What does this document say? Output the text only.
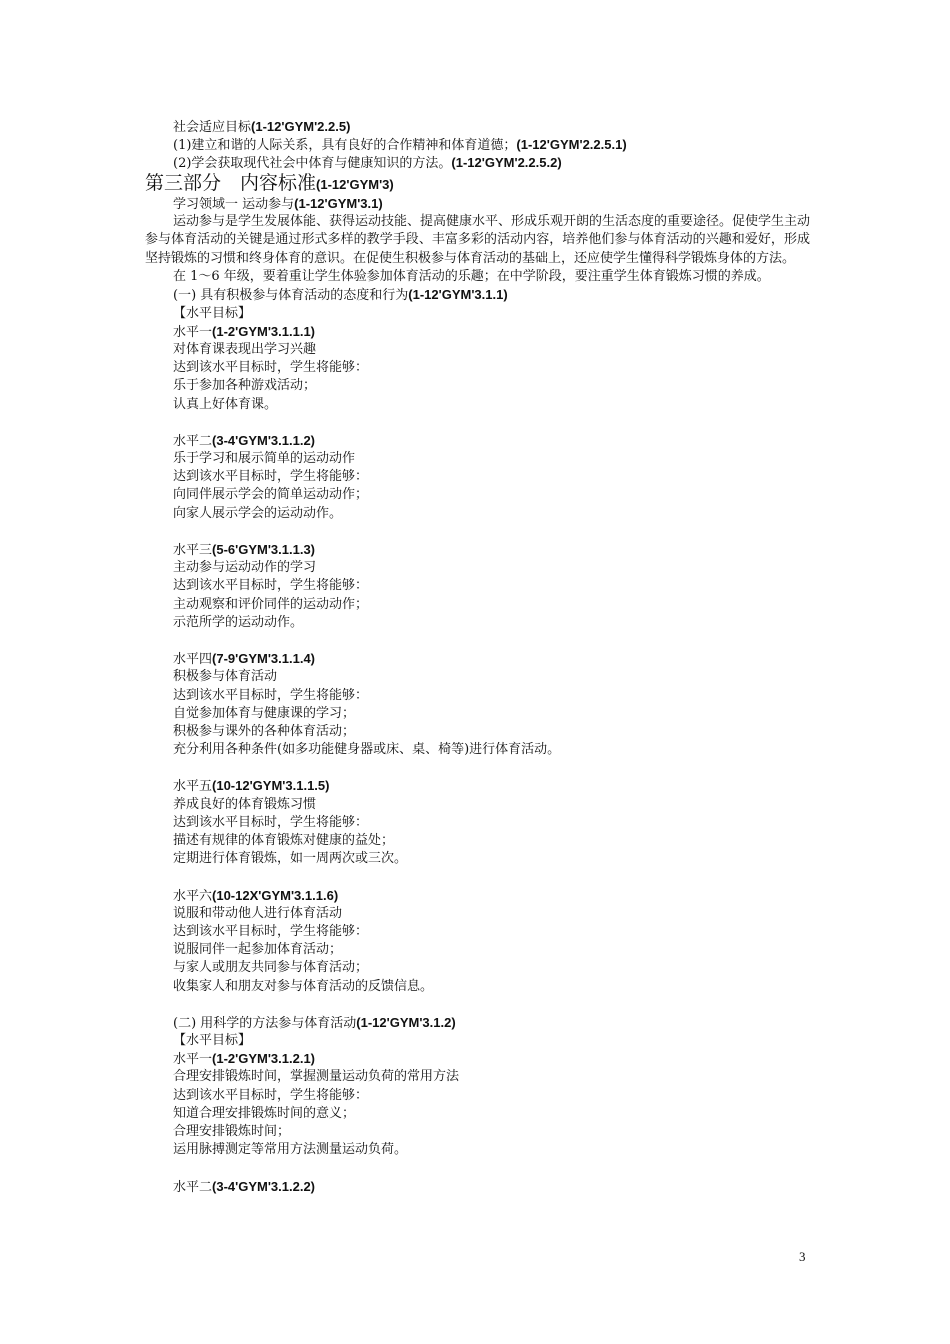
社会适应目标(1-12'GYM'2.2.5)
(1)建立和谐的人际关系，具有良好的合作精神和体育道德；(1-12'GYM'2.2.5.1)
(2)学会获取现代社会中体育与健康知识的方法。(1-12'GYM'2.2.5.2)
第三部分　内容标准(1-12'GYM'3)
学习领域一 运动参与(1-12'GYM'3.1)
运动参与是学生发展体能、获得运动技能、提高健康水平、形成乐观开朗的生活态度的重要途径。促使学生主动参与体育活动的关键是通过形式多样的教学手段、丰富多彩的活动内容，培养他们参与体育活动的兴趣和爱好，形成坚持锻炼的习惯和终身体育的意识。在促使生积极参与体育活动的基础上，还应使学生懂得科学锻炼身体的方法。
在 1～6 年级，要着重让学生体验参加体育活动的乐趣；在中学阶段，要注重学生体育锻炼习惯的养成。
(一) 具有积极参与体育活动的态度和行为(1-12'GYM'3.1.1)
【水平目标】
水平一(1-2'GYM'3.1.1.1)
对体育课表现出学习兴趣
达到该水平目标时，学生将能够：
乐于参加各种游戏活动；
认真上好体育课。
水平二(3-4'GYM'3.1.1.2)
乐于学习和展示简单的运动动作
达到该水平目标时，学生将能够：
向同伴展示学会的简单运动动作；
向家人展示学会的运动动作。
水平三(5-6'GYM'3.1.1.3)
主动参与运动动作的学习
达到该水平目标时，学生将能够：
主动观察和评价同伴的运动动作；
示范所学的运动动作。
水平四(7-9'GYM'3.1.1.4)
积极参与体育活动
达到该水平目标时，学生将能够：
自觉参加体育与健康课的学习；
积极参与课外的各种体育活动；
充分利用各种条件(如多功能健身器或床、桌、椅等)进行体育活动。
水平五(10-12'GYM'3.1.1.5)
养成良好的体育锻炼习惯
达到该水平目标时，学生将能够：
描述有规律的体育锻炼对健康的益处；
定期进行体育锻炼，如一周两次或三次。
水平六(10-12X'GYM'3.1.1.6)
说服和带动他人进行体育活动
达到该水平目标时，学生将能够：
说服同伴一起参加体育活动；
与家人或朋友共同参与体育活动；
收集家人和朋友对参与体育活动的反馈信息。
(二) 用科学的方法参与体育活动(1-12'GYM'3.1.2)
【水平目标】
水平一(1-2'GYM'3.1.2.1)
合理安排锻炼时间，掌握测量运动负荷的常用方法
达到该水平目标时，学生将能够：
知道合理安排锻炼时间的意义；
合理安排锻炼时间；
运用脉搏测定等常用方法测量运动负荷。
水平二(3-4'GYM'3.1.2.2)
3
